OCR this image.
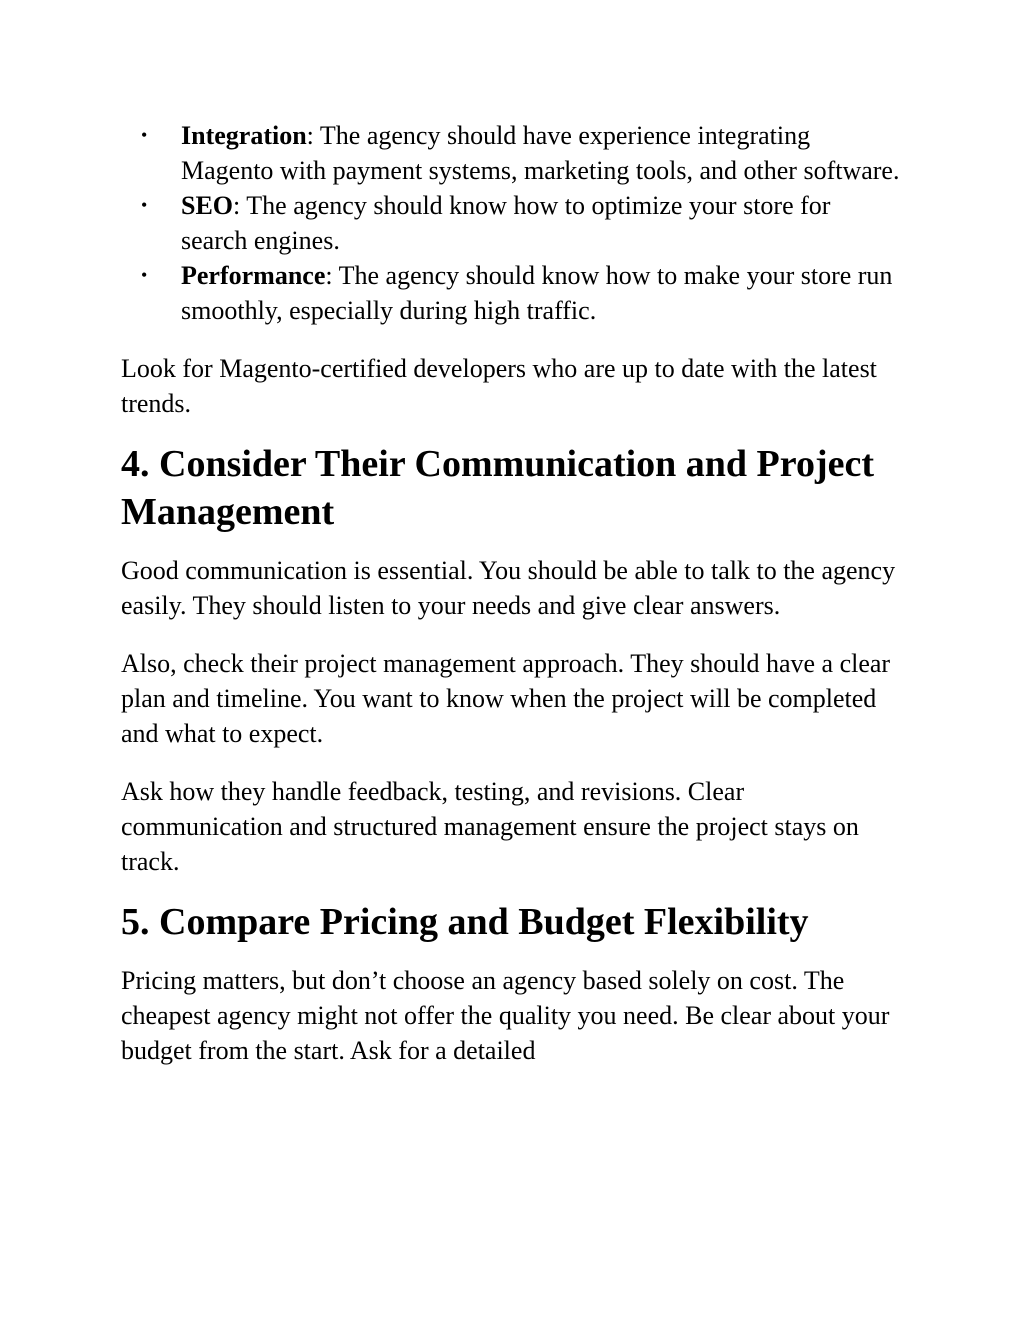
• Integration: The agency should have experience integrating Magento with payment systems, marketing tools, and other software.
• SEO: The agency should know how to optimize your store for search engines.
• Performance: The agency should know how to make your store run smoothly, especially during high traffic.

Look for Magento-certified developers who are up to date with the latest trends.

4. Consider Their Communication and Project Management

Good communication is essential. You should be able to talk to the agency easily. They should listen to your needs and give clear answers.

Also, check their project management approach. They should have a clear plan and timeline. You want to know when the project will be completed and what to expect.

Ask how they handle feedback, testing, and revisions. Clear communication and structured management ensure the project stays on track.

5. Compare Pricing and Budget Flexibility

Pricing matters, but don’t choose an agency based solely on cost. The cheapest agency might not offer the quality you need. Be clear about your budget from the start. Ask for a detailed
